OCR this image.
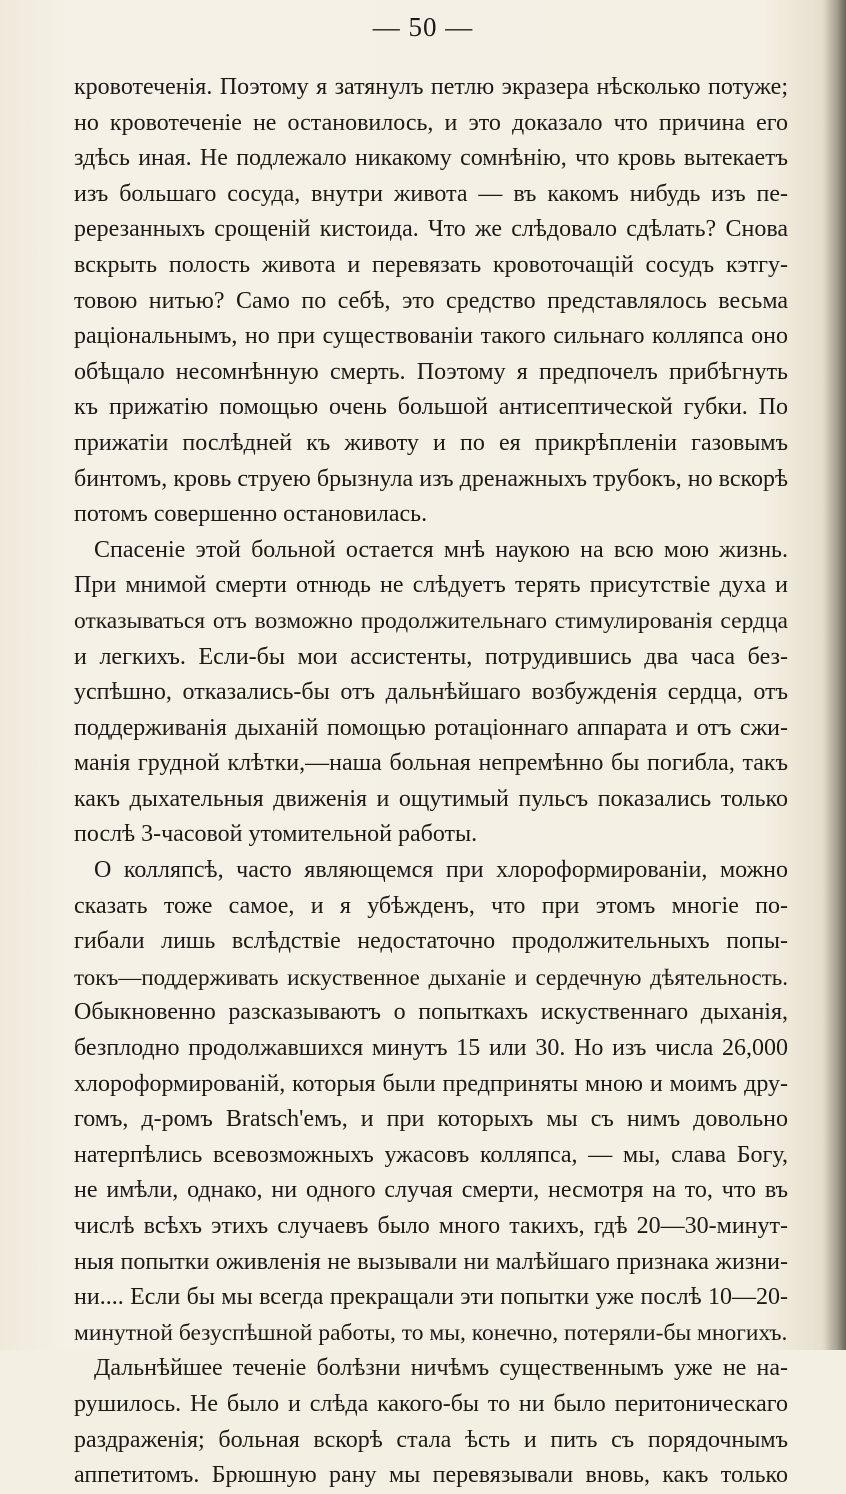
— 50 —
кровотеченія. Поэтому я затянулъ петлю экразера нѣсколько потуже;
но кровотеченіе не остановилось, и это доказало что причина его
здѣсь иная. Не подлежало никакому сомнѣнію, что кровь вытекаетъ
изъ большаго сосуда, внутри живота — въ какомъ нибудь изъ пе-
ререзанныхъ срощеній кистоида. Что же слѣдовало сдѣлать? Снова
вскрыть полость живота и перевязать кровоточащій сосудъ кэтгу-
товою нитью? Само по себѣ, это средство представлялось весьма
раціональнымъ, но при существованіи такого сильнаго колляпса оно
обѣщало несомнѣнную смерть. Поэтому я предпочелъ прибѣгнуть
къ прижатію помощью очень большой антисептической губки. По
прижатіи послѣдней къ животу и по ея прикрѣпленіи газовымъ
бинтомъ, кровь струею брызнула изъ дренажныхъ трубокъ, но вскорѣ
потомъ совершенно остановилась.
Спасеніе этой больной остается мнѣ наукою на всю мою жизнь.
При мнимой смерти отнюдь не слѣдуетъ терять присутствіе духа и
отказываться отъ возможно продолжительнаго стимулированія сердца
и легкихъ. Если-бы мои ассистенты, потрудившись два часа без-
успѣшно, отказались-бы отъ дальнѣйшаго возбужденія сердца, отъ
поддерживанія дыханій помощью ротаціоннаго аппарата и отъ сжи-
манія грудной клѣтки,—наша больная непремѣнно бы погибла, такъ
какъ дыхательныя движенія и ощутимый пульсъ показались только
послѣ 3-часовой утомительной работы.
О колляпсѣ, часто являющемся при хлороформированіи, можно
сказать тоже самое, и я убѣжденъ, что при этомъ многіе по-
гибали лишь вслѣдствіе недостаточно продолжительныхъ попы-
токъ—поддерживать искуственное дыханіе и сердечную дѣятельность.
Обыкновенно разсказываютъ о попыткахъ искуственнаго дыханія,
безплодно продолжавшихся минутъ 15 или 30. Но изъ числа 26,000
хлороформированій, которыя были предприняты мною и моимъ дру-
гомъ, д-ромъ Bratsch'емъ, и при которыхъ мы съ нимъ довольно
натерпѣлись всевозможныхъ ужасовъ колляпса, — мы, слава Богу,
не имѣли, однако, ни одного случая смерти, несмотря на то, что въ
числѣ всѣхъ этихъ случаевъ было много такихъ, гдѣ 20—30-минут-
ныя попытки оживленія не вызывали ни малѣйшаго признака жизни-
ни.... Если бы мы всегда прекращали эти попытки уже послѣ 10—20-
минутной безуспѣшной работы, то мы, конечно, потеряли-бы многихъ.
Дальнѣйшее теченіе болѣзни ничѣмъ существеннымъ уже не на-
рушилось. Не было и слѣда какого-бы то ни было перитоническаго
раздраженія; больная вскорѣ стала ѣсть и пить съ порядочнымъ
аппетитомъ. Брюшную рану мы перевязывали вновь, какъ только
